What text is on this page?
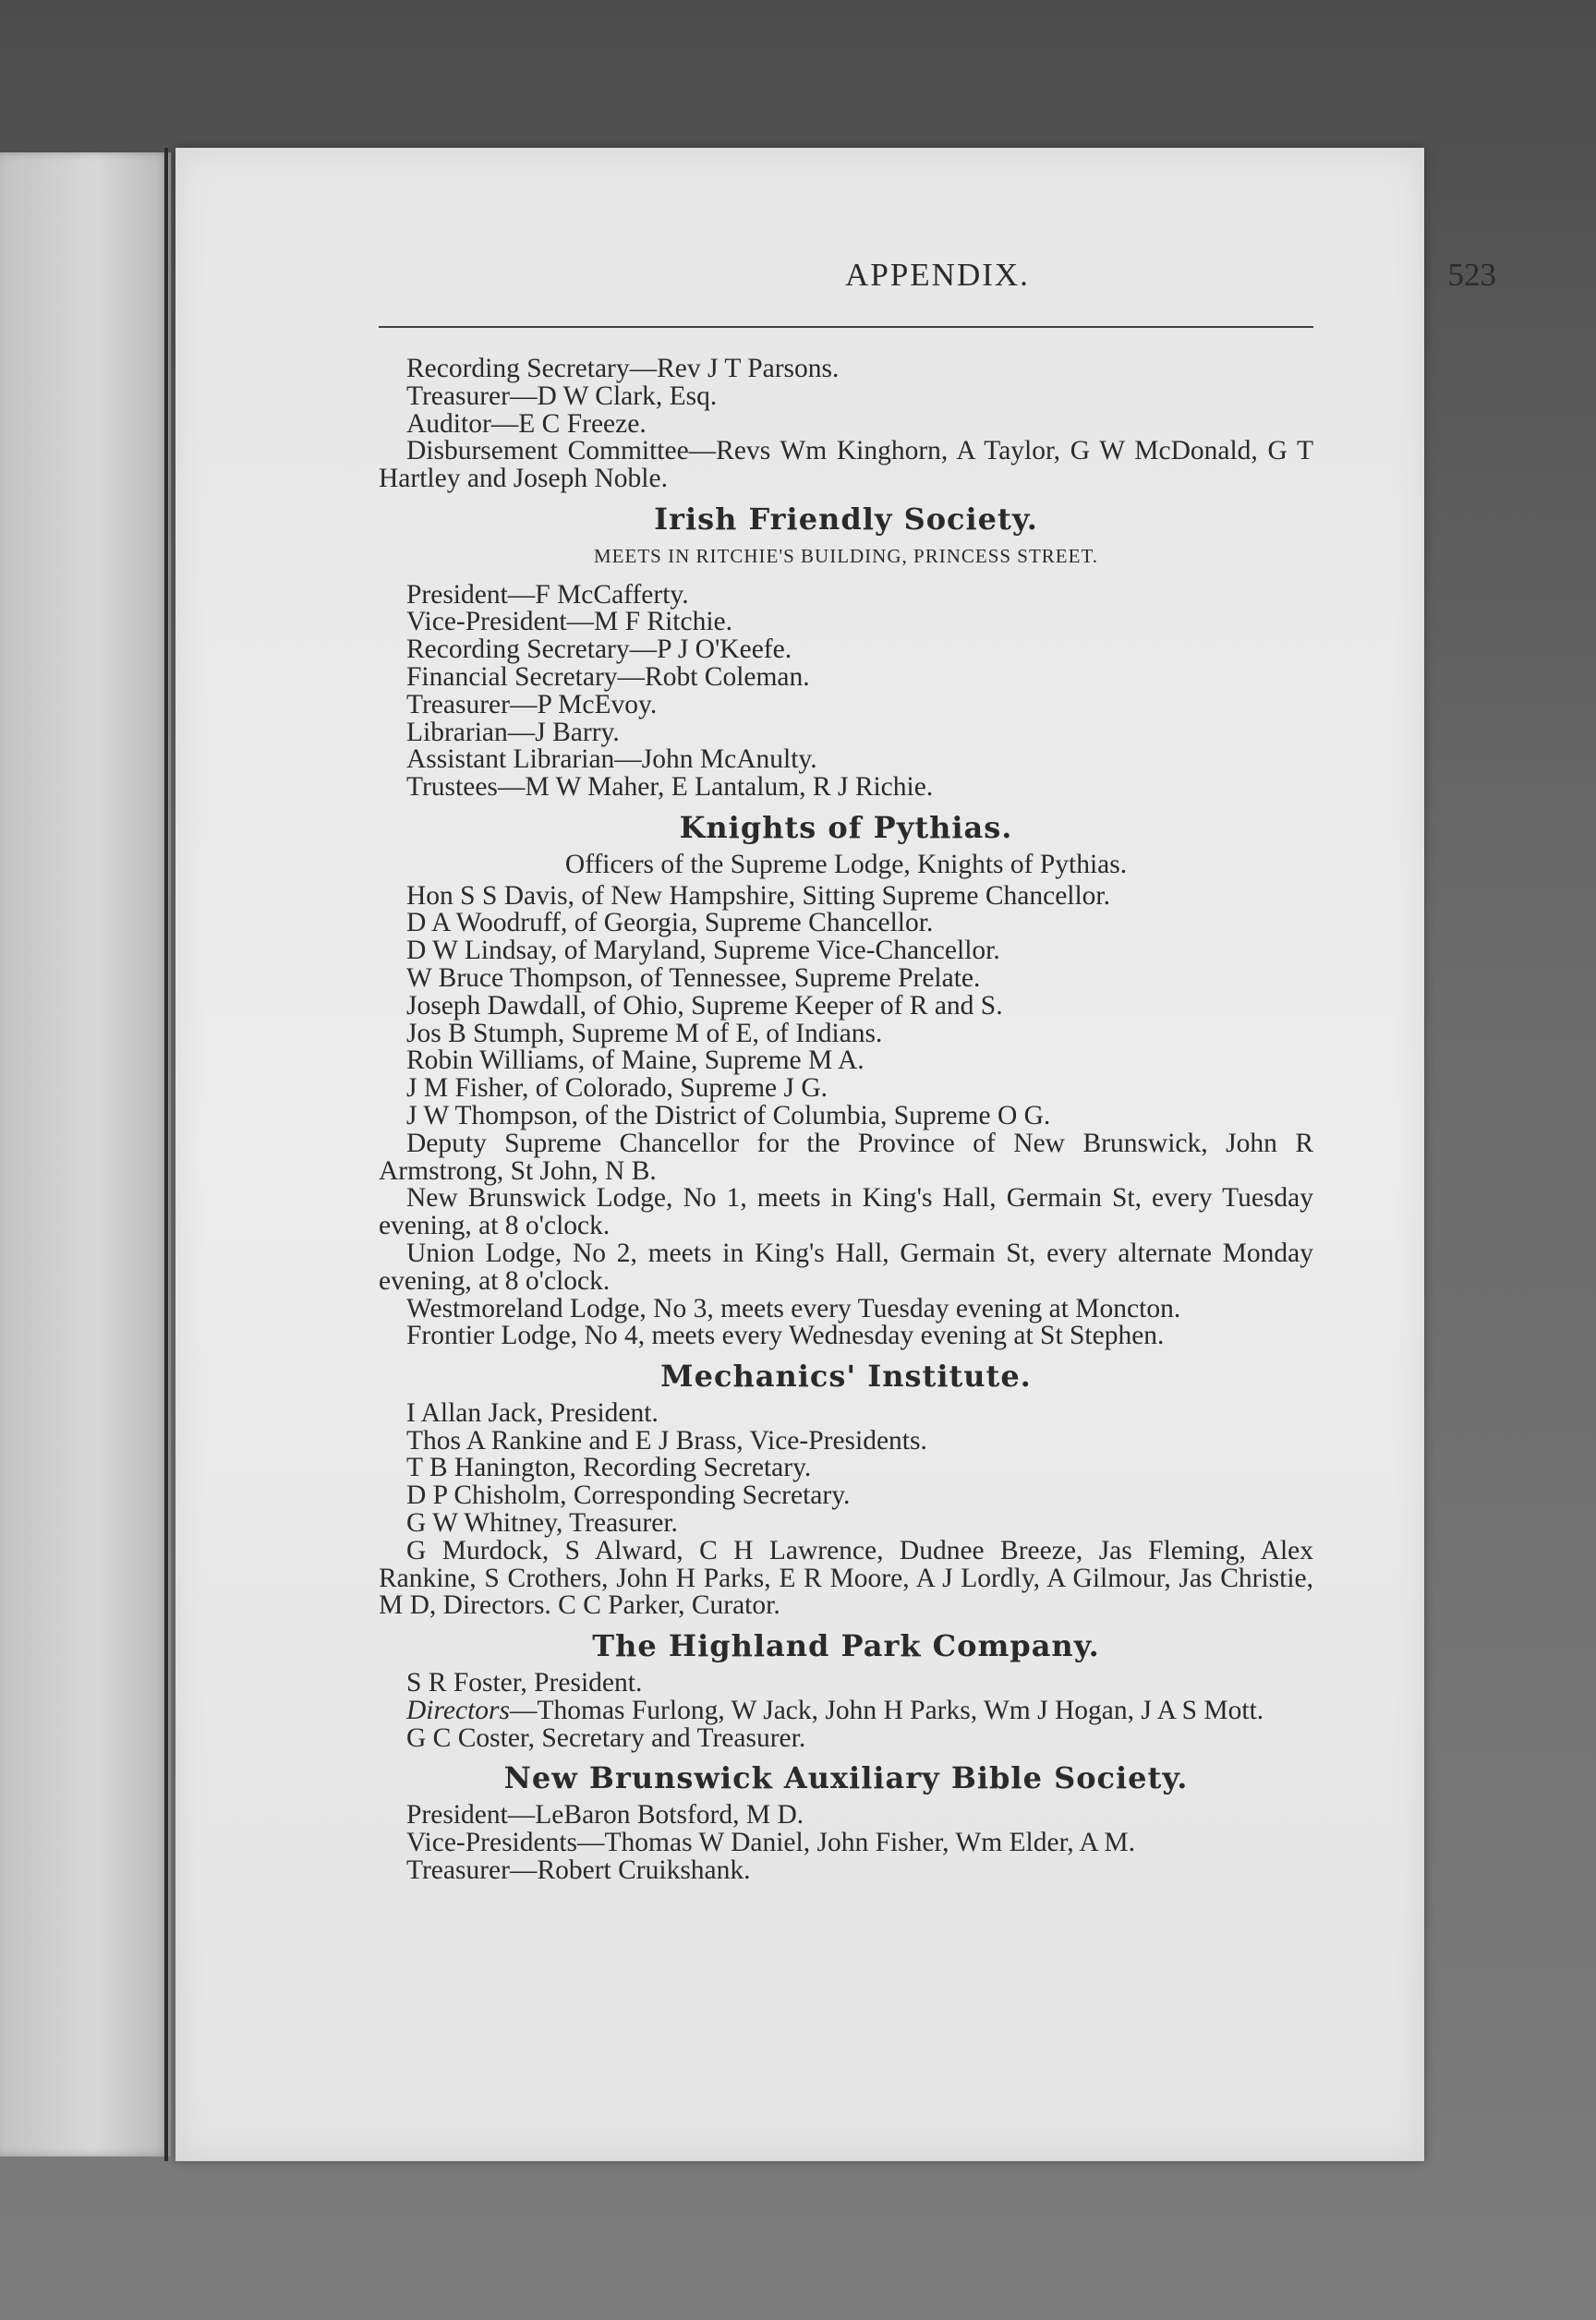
APPENDIX.	523
Recording Secretary—Rev J T Parsons.
Treasurer—D W Clark, Esq.
Auditor—E C Freeze.
Disbursement Committee—Revs Wm Kinghorn, A Taylor, G W McDonald, G T Hartley and Joseph Noble.
Irish Friendly Society.
MEETS IN RITCHIE'S BUILDING, PRINCESS STREET.
President—F McCafferty.
Vice-President—M F Ritchie.
Recording Secretary—P J O'Keefe.
Financial Secretary—Robt Coleman.
Treasurer—P McEvoy.
Librarian—J Barry.
Assistant Librarian—John McAnulty.
Trustees—M W Maher, E Lantalum, R J Richie.
Knights of Pythias.
Officers of the Supreme Lodge, Knights of Pythias.
Hon S S Davis, of New Hampshire, Sitting Supreme Chancellor.
D A Woodruff, of Georgia, Supreme Chancellor.
D W Lindsay, of Maryland, Supreme Vice-Chancellor.
W Bruce Thompson, of Tennessee, Supreme Prelate.
Joseph Dawdall, of Ohio, Supreme Keeper of R and S.
Jos B Stumph, Supreme M of E, of Indians.
Robin Williams, of Maine, Supreme M A.
J M Fisher, of Colorado, Supreme J G.
J W Thompson, of the District of Columbia, Supreme O G.
Deputy Supreme Chancellor for the Province of New Brunswick, John R Armstrong, St John, N B.
New Brunswick Lodge, No 1, meets in King's Hall, Germain St, every Tuesday evening, at 8 o'clock.
Union Lodge, No 2, meets in King's Hall, Germain St, every alternate Monday evening, at 8 o'clock.
Westmoreland Lodge, No 3, meets every Tuesday evening at Moncton.
Frontier Lodge, No 4, meets every Wednesday evening at St Stephen.
Mechanics' Institute.
I Allan Jack, President.
Thos A Rankine and E J Brass, Vice-Presidents.
T B Hanington, Recording Secretary.
D P Chisholm, Corresponding Secretary.
G W Whitney, Treasurer.
G Murdock, S Alward, C H Lawrence, Dudnee Breeze, Jas Fleming, Alex Rankine, S Crothers, John H Parks, E R Moore, A J Lordly, A Gilmour, Jas Christie, M D, Directors. C C Parker, Curator.
The Highland Park Company.
S R Foster, President.
Directors—Thomas Furlong, W Jack, John H Parks, Wm J Hogan, J A S Mott.
G C Coster, Secretary and Treasurer.
New Brunswick Auxiliary Bible Society.
President—LeBaron Botsford, M D.
Vice-Presidents—Thomas W Daniel, John Fisher, Wm Elder, A M.
Treasurer—Robert Cruikshank.
